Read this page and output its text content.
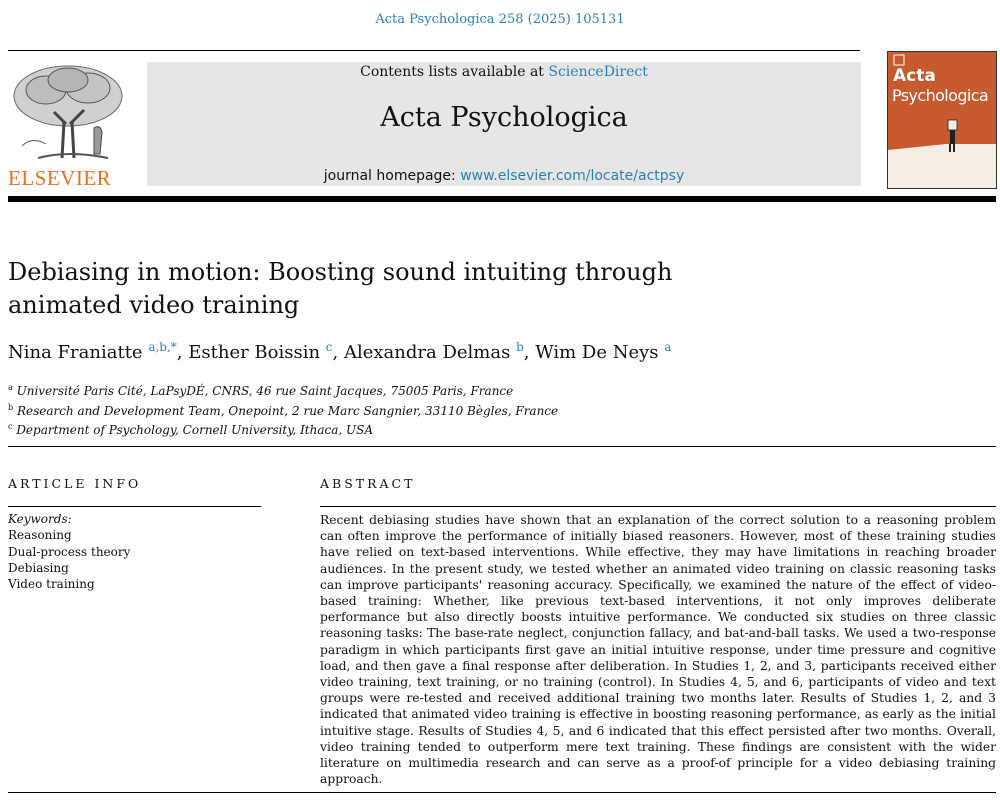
Acta Psychologica 258 (2025) 105131
ELSEVIER
Contents lists available at ScienceDirect
Acta Psychologica
journal homepage: www.elsevier.com/locate/actpsy
Acta
Psychologica
Debiasing in motion: Boosting sound intuiting through animated video training
Nina Franiatte $^{a,b,*}$, Esther Boissin $^c$, Alexandra Delmas $^b$, Wim De Neys $^a$
$^a$ Université Paris Cité, LaPsyDÉ, CNRS, 46 rue Saint Jacques, 75005 Paris, France
$^b$ Research and Development Team, Onepoint, 2 rue Marc Sangnier, 33110 Bègles, France
$^c$ Department of Psychology, Cornell University, Ithaca, USA
ARTICLE INFO	ABSTRACT
Keywords:
Reasoning
Dual-process theory
Debiasing
Video training

Recent debiasing studies have shown that an explanation of the correct solution to a reasoning problem can often improve the performance of initially biased reasoners. However, most of these training studies have relied on text-based interventions. While effective, they may have limitations in reaching broader audiences. In the present study, we tested whether an animated video training on classic reasoning tasks can improve participants' reasoning accuracy. Specifically, we examined the nature of the effect of video-based training: Whether, like previous text-based interventions, it not only improves deliberate performance but also directly boosts intuitive performance. We conducted six studies on three classic reasoning tasks: The base-rate neglect, conjunction fallacy, and bat-and-ball tasks. We used a two-response paradigm in which participants first gave an initial intuitive response, under time pressure and cognitive load, and then gave a final response after deliberation. In Studies 1, 2, and 3, participants received either video training, text training, or no training (control). In Studies 4, 5, and 6, participants of video and text groups were re-tested and received additional training two months later. Results of Studies 1, 2, and 3 indicated that animated video training is effective in boosting reasoning performance, as early as the initial intuitive stage. Results of Studies 4, 5, and 6 indicated that this effect persisted after two months. Overall, video training tended to outperform mere text training. These findings are consistent with the wider literature on multimedia research and can serve as a proof-of principle for a video debiasing training approach.
